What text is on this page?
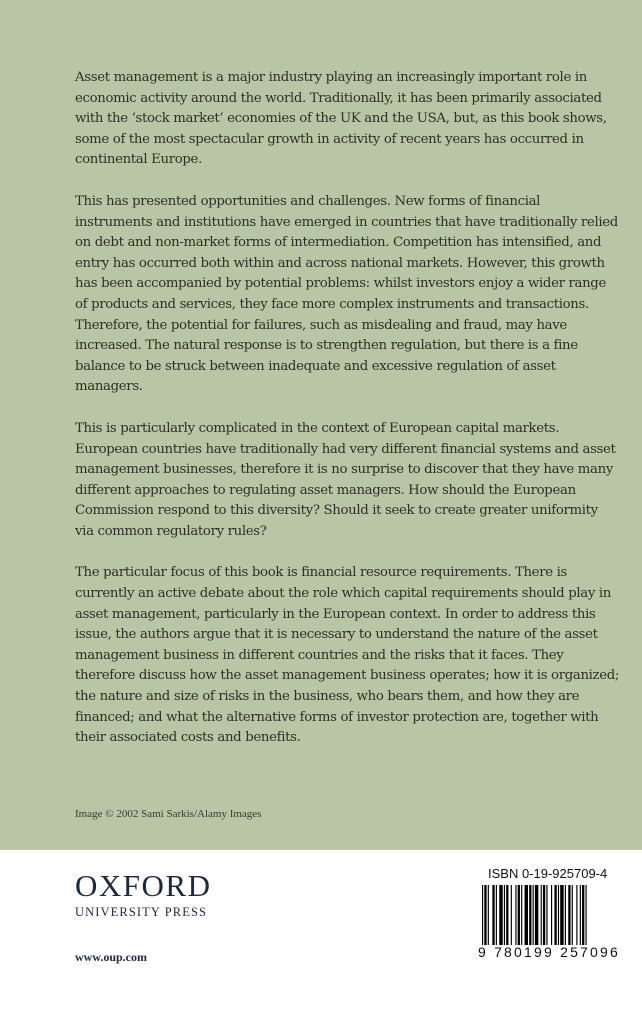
Asset management is a major industry playing an increasingly important role in economic activity around the world. Traditionally, it has been primarily associated with the ‘stock market’ economies of the UK and the USA, but, as this book shows, some of the most spectacular growth in activity of recent years has occurred in continental Europe.

This has presented opportunities and challenges. New forms of financial instruments and institutions have emerged in countries that have traditionally relied on debt and non-market forms of intermediation. Competition has intensified, and entry has occurred both within and across national markets. However, this growth has been accompanied by potential problems: whilst investors enjoy a wider range of products and services, they face more complex instruments and transactions. Therefore, the potential for failures, such as misdealing and fraud, may have increased. The natural response is to strengthen regulation, but there is a fine balance to be struck between inadequate and excessive regulation of asset managers.

This is particularly complicated in the context of European capital markets. European countries have traditionally had very different financial systems and asset management businesses, therefore it is no surprise to discover that they have many different approaches to regulating asset managers. How should the European Commission respond to this diversity? Should it seek to create greater uniformity via common regulatory rules?

The particular focus of this book is financial resource requirements. There is currently an active debate about the role which capital requirements should play in asset management, particularly in the European context. In order to address this issue, the authors argue that it is necessary to understand the nature of the asset management business in different countries and the risks that it faces. They therefore discuss how the asset management business operates; how it is organized; the nature and size of risks in the business, who bears them, and how they are financed; and what the alternative forms of investor protection are, together with their associated costs and benefits.

Image © 2002 Sami Sarkis/Alamy Images
OXFORD
UNIVERSITY PRESS
www.oup.com
ISBN 0-19-925709-4
9 780199 257096
